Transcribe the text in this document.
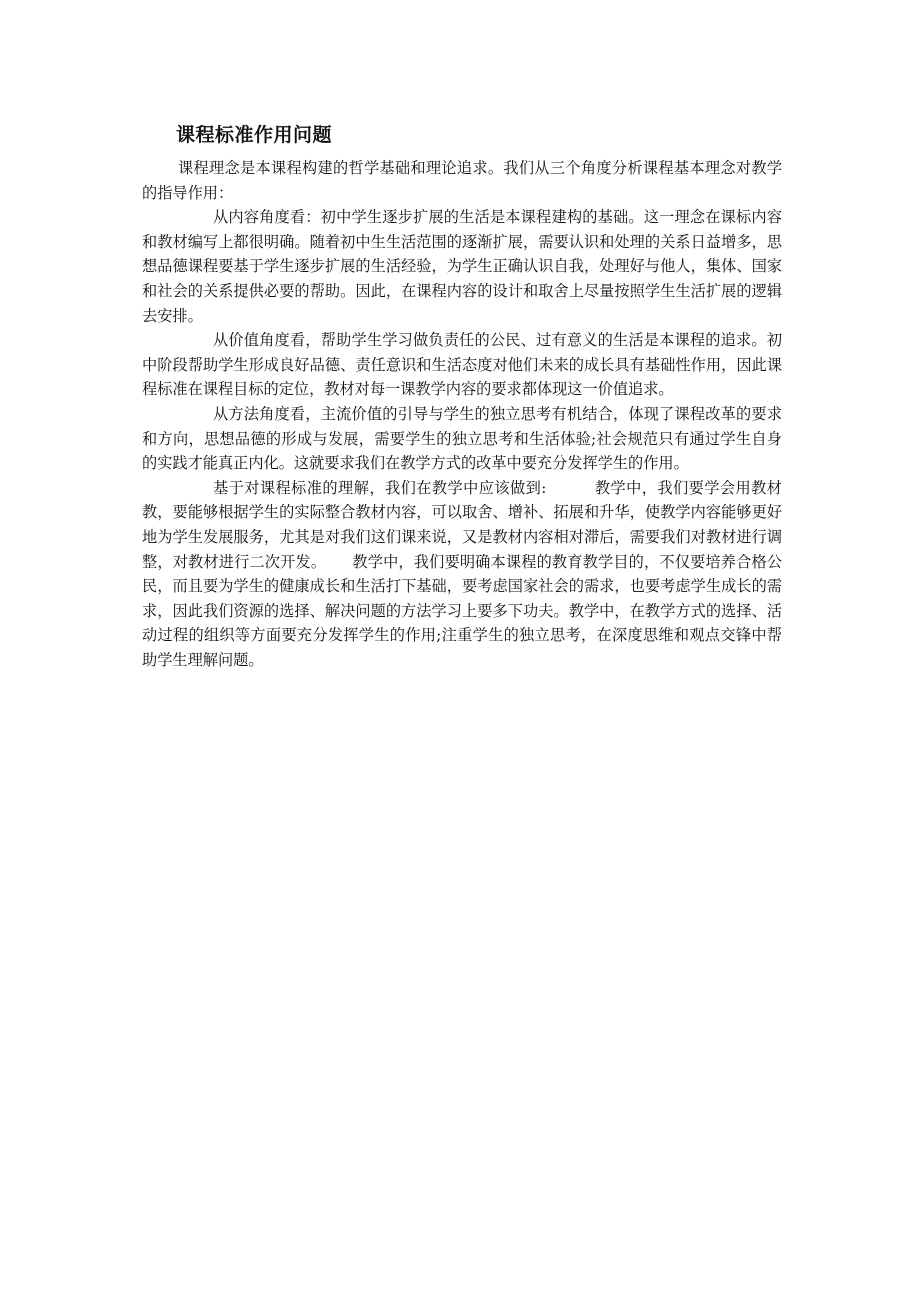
课程标准作用问题

课程理念是本课程构建的哲学基础和理论追求。我们从三个角度分析课程基本理念对教学的指导作用：

从内容角度看：初中学生逐步扩展的生活是本课程建构的基础。这一理念在课标内容和教材编写上都很明确。随着初中生生活范围的逐渐扩展，需要认识和处理的关系日益增多，思想品德课程要基于学生逐步扩展的生活经验，为学生正确认识自我，处理好与他人，集体、国家和社会的关系提供必要的帮助。因此，在课程内容的设计和取舍上尽量按照学生生活扩展的逻辑去安排。

从价值角度看，帮助学生学习做负责任的公民、过有意义的生活是本课程的追求。初中阶段帮助学生形成良好品德、责任意识和生活态度对他们未来的成长具有基础性作用，因此课程标准在课程目标的定位，教材对每一课教学内容的要求都体现这一价值追求。

从方法角度看，主流价值的引导与学生的独立思考有机结合，体现了课程改革的要求和方向，思想品德的形成与发展，需要学生的独立思考和生活体验;社会规范只有通过学生自身的实践才能真正内化。这就要求我们在教学方式的改革中要充分发挥学生的作用。

基于对课程标准的理解，我们在教学中应该做到:	教学中，我们要学会用教材教，要能够根据学生的实际整合教材内容，可以取舍、增补、拓展和升华，使教学内容能够更好地为学生发展服务，尤其是对我们这们课来说，又是教材内容相对滞后，需要我们对教材进行调整，对教材进行二次开发。 教学中，我们要明确本课程的教育教学目的，不仅要培养合格公民，而且要为学生的健康成长和生活打下基础，要考虑国家社会的需求，也要考虑学生成长的需求，因此我们资源的选择、解决问题的方法学习上要多下功夫。教学中，在教学方式的选择、活动过程的组织等方面要充分发挥学生的作用;注重学生的独立思考，在深度思维和观点交锋中帮助学生理解问题。
